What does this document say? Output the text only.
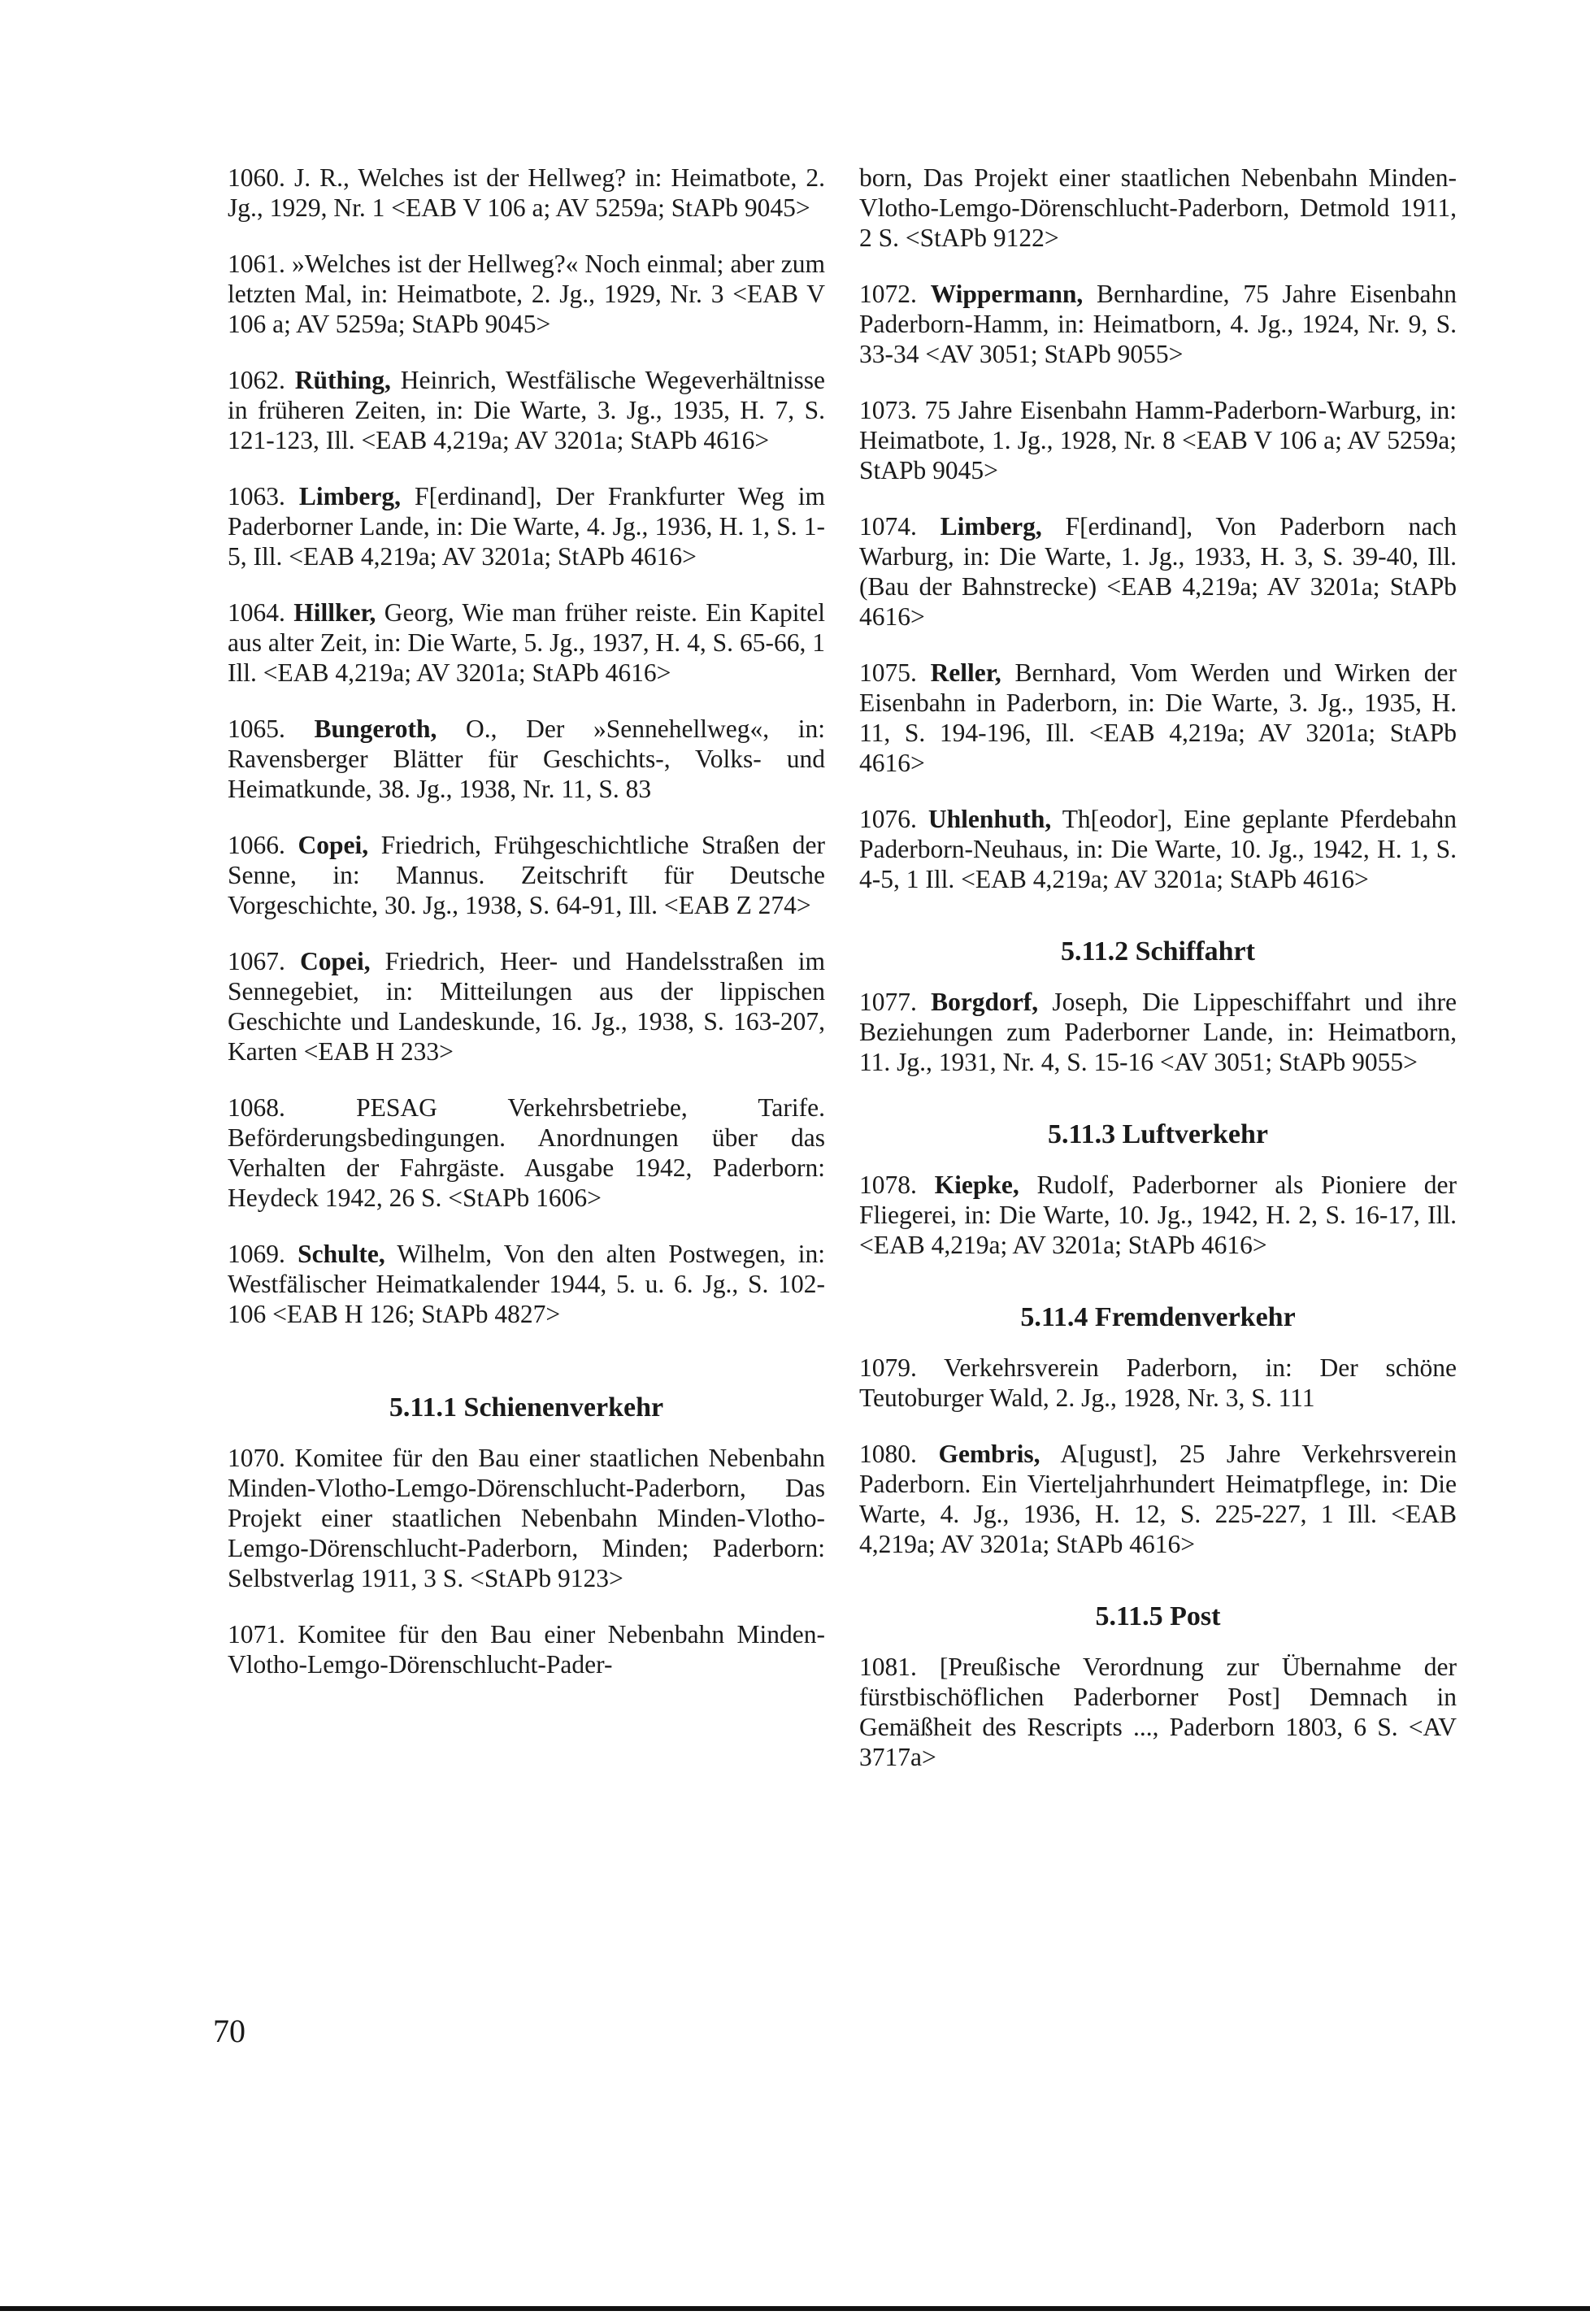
1060. J. R., Welches ist der Hellweg? in: Heimatbote, 2. Jg., 1929, Nr. 1 <EAB V 106 a; AV 5259a; StAPb 9045>

1061. »Welches ist der Hellweg?« Noch einmal; aber zum letzten Mal, in: Heimatbote, 2. Jg., 1929, Nr. 3 <EAB V 106 a; AV 5259a; StAPb 9045>

1062. Rüthing, Heinrich, Westfälische Wegeverhältnisse in früheren Zeiten, in: Die Warte, 3. Jg., 1935, H. 7, S. 121-123, Ill. <EAB 4,219a; AV 3201a; StAPb 4616>

1063. Limberg, F[erdinand], Der Frankfurter Weg im Paderborner Lande, in: Die Warte, 4. Jg., 1936, H. 1, S. 1-5, Ill. <EAB 4,219a; AV 3201a; StAPb 4616>

1064. Hillker, Georg, Wie man früher reiste. Ein Kapitel aus alter Zeit, in: Die Warte, 5. Jg., 1937, H. 4, S. 65-66, 1 Ill. <EAB 4,219a; AV 3201a; StAPb 4616>

1065. Bungeroth, O., Der »Sennehellweg«, in: Ravensberger Blätter für Geschichts-, Volks- und Heimatkunde, 38. Jg., 1938, Nr. 11, S. 83

1066. Copei, Friedrich, Frühgeschichtliche Straßen der Senne, in: Mannus. Zeitschrift für Deutsche Vorgeschichte, 30. Jg., 1938, S. 64-91, Ill. <EAB Z 274>

1067. Copei, Friedrich, Heer- und Handelsstraßen im Sennegebiet, in: Mitteilungen aus der lippischen Geschichte und Landeskunde, 16. Jg., 1938, S. 163-207, Karten <EAB H 233>

1068.	PESAG Verkehrsbetriebe, Tarife. Beförderungsbedingungen. Anordnungen über das Verhalten der Fahrgäste. Ausgabe 1942, Paderborn: Heydeck 1942, 26 S. <StAPb 1606>

1069. Schulte, Wilhelm, Von den alten Postwegen, in: Westfälischer Heimatkalender 1944, 5. u. 6. Jg., S. 102-106 <EAB H 126; StAPb 4827>

5.11.1 Schienenverkehr

1070. Komitee für den Bau einer staatlichen Nebenbahn Minden-Vlotho-Lemgo-Dörenschlucht-Paderborn, Das Projekt einer staatlichen Nebenbahn Minden-Vlotho-Lemgo-Dörenschlucht-Paderborn, Minden; Paderborn: Selbstverlag 1911, 3 S. <StAPb 9123>

1071. Komitee für den Bau einer Nebenbahn Minden-Vlotho-Lemgo-Dörenschlucht-Pader-

born, Das Projekt einer staatlichen Nebenbahn Minden-Vlotho-Lemgo-Dörenschlucht-Paderborn, Detmold 1911, 2 S. <StAPb 9122>

1072. Wippermann, Bernhardine, 75 Jahre Eisenbahn Paderborn-Hamm, in: Heimatborn, 4. Jg., 1924, Nr. 9, S. 33-34 <AV 3051; StAPb 9055>

1073. 75 Jahre Eisenbahn Hamm-Paderborn-Warburg, in: Heimatbote, 1. Jg., 1928, Nr. 8 <EAB V 106 a; AV 5259a; StAPb 9045>

1074. Limberg, F[erdinand], Von Paderborn nach Warburg, in: Die Warte, 1. Jg., 1933, H. 3, S. 39-40, Ill. (Bau der Bahnstrecke) <EAB 4,219a; AV 3201a; StAPb 4616>

1075. Reller, Bernhard, Vom Werden und Wirken der Eisenbahn in Paderborn, in: Die Warte, 3. Jg., 1935, H. 11, S. 194-196, Ill. <EAB 4,219a; AV 3201a; StAPb 4616>

1076. Uhlenhuth, Th[eodor], Eine geplante Pferdebahn Paderborn-Neuhaus, in: Die Warte, 10. Jg., 1942, H. 1, S. 4-5, 1 Ill. <EAB 4,219a; AV 3201a; StAPb 4616>

5.11.2 Schiffahrt

1077. Borgdorf, Joseph, Die Lippeschiffahrt und ihre Beziehungen zum Paderborner Lande, in: Heimatborn, 11. Jg., 1931, Nr. 4, S. 15-16 <AV 3051; StAPb 9055>

5.11.3 Luftverkehr

1078. Kiepke, Rudolf, Paderborner als Pioniere der Fliegerei, in: Die Warte, 10. Jg., 1942, H. 2, S. 16-17, Ill. <EAB 4,219a; AV 3201a; StAPb 4616>

5.11.4 Fremdenverkehr

1079. Verkehrsverein Paderborn, in: Der schöne Teutoburger Wald, 2. Jg., 1928, Nr. 3, S. 111

1080. Gembris, A[ugust], 25 Jahre Verkehrsverein Paderborn. Ein Vierteljahrhundert Heimatpflege, in: Die Warte, 4. Jg., 1936, H. 12, S. 225-227, 1 Ill. <EAB 4,219a; AV 3201a; StAPb 4616>

5.11.5 Post

1081. [Preußische Verordnung zur Übernahme der fürstbischöflichen Paderborner Post] Demnach in Gemäßheit des Rescripts ..., Paderborn 1803, 6 S. <AV 3717a>

70
